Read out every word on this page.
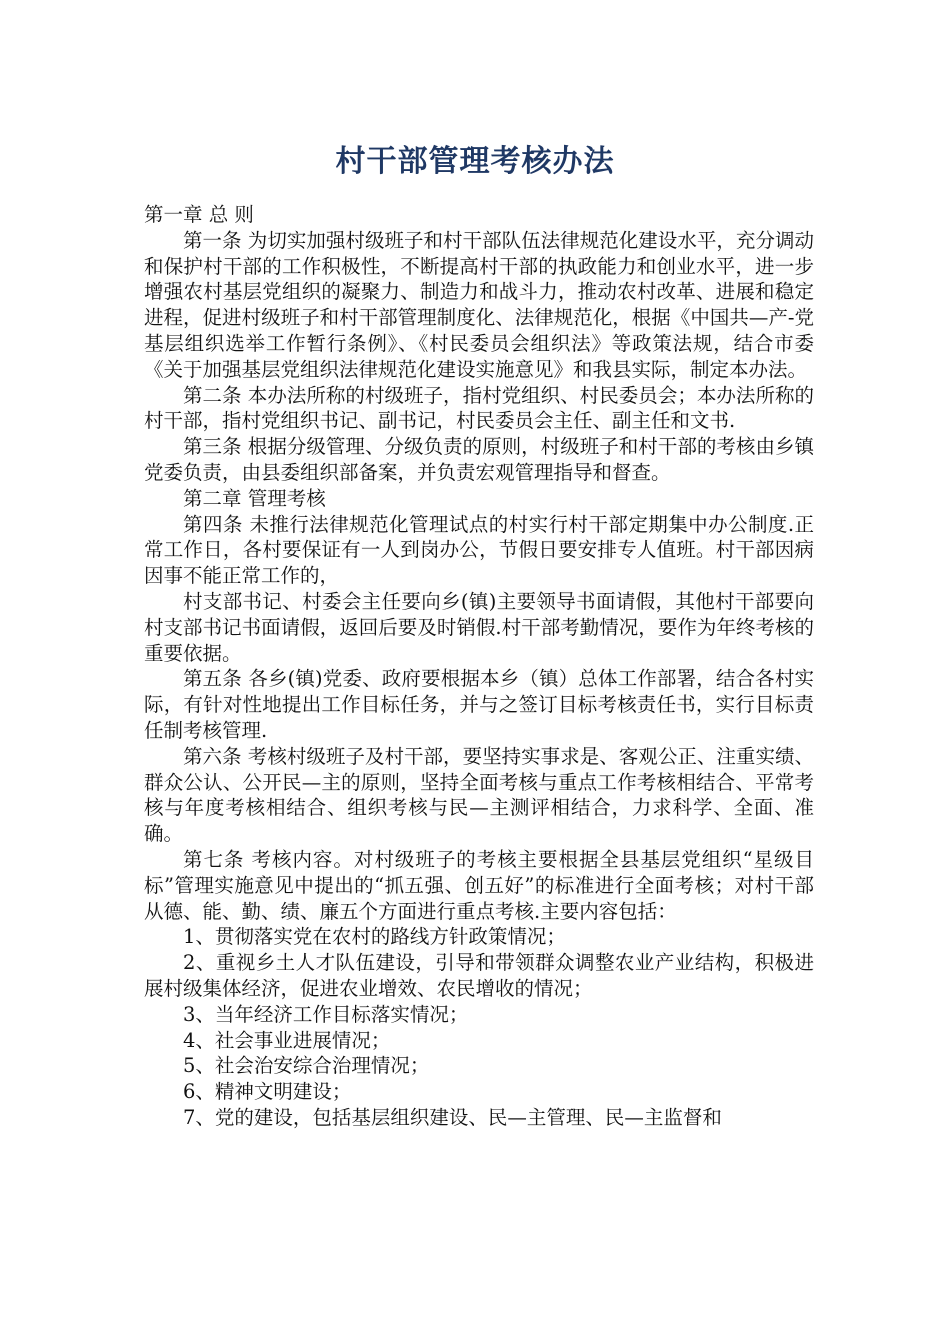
村干部管理考核办法

第一章 总 则

第一条 为切实加强村级班子和村干部队伍法律规范化建设水平，充分调动和保护村干部的工作积极性，不断提高村干部的执政能力和创业水平，进一步增强农村基层党组织的凝聚力、制造力和战斗力，推动农村改革、进展和稳定进程，促进村级班子和村干部管理制度化、法律规范化，根据《中国共—产-党基层组织选举工作暂行条例》、《村民委员会组织法》等政策法规，结合市委《关于加强基层党组织法律规范化建设实施意见》和我县实际，制定本办法。

第二条 本办法所称的村级班子，指村党组织、村民委员会；本办法所称的村干部，指村党组织书记、副书记，村民委员会主任、副主任和文书.

第三条 根据分级管理、分级负责的原则，村级班子和村干部的考核由乡镇党委负责，由县委组织部备案，并负责宏观管理指导和督查。

第二章 管理考核

第四条 未推行法律规范化管理试点的村实行村干部定期集中办公制度.正常工作日，各村要保证有一人到岗办公，节假日要安排专人值班。村干部因病因事不能正常工作的，

村支部书记、村委会主任要向乡(镇)主要领导书面请假，其他村干部要向村支部书记书面请假，返回后要及时销假.村干部考勤情况，要作为年终考核的重要依据。

第五条 各乡(镇)党委、政府要根据本乡（镇）总体工作部署，结合各村实际，有针对性地提出工作目标任务，并与之签订目标考核责任书，实行目标责任制考核管理.

第六条 考核村级班子及村干部，要坚持实事求是、客观公正、注重实绩、群众公认、公开民—主的原则，坚持全面考核与重点工作考核相结合、平常考核与年度考核相结合、组织考核与民—主测评相结合，力求科学、全面、准确。

第七条 考核内容。对村级班子的考核主要根据全县基层党组织“星级目标”管理实施意见中提出的“抓五强、创五好”的标准进行全面考核；对村干部从德、能、勤、绩、廉五个方面进行重点考核.主要内容包括：

1、贯彻落实党在农村的路线方针政策情况；

2、重视乡土人才队伍建设，引导和带领群众调整农业产业结构，积极进展村级集体经济，促进农业增效、农民增收的情况；

3、当年经济工作目标落实情况；

4、社会事业进展情况；

5、社会治安综合治理情况；

6、精神文明建设；

7、党的建设，包括基层组织建设、民—主管理、民—主监督和
